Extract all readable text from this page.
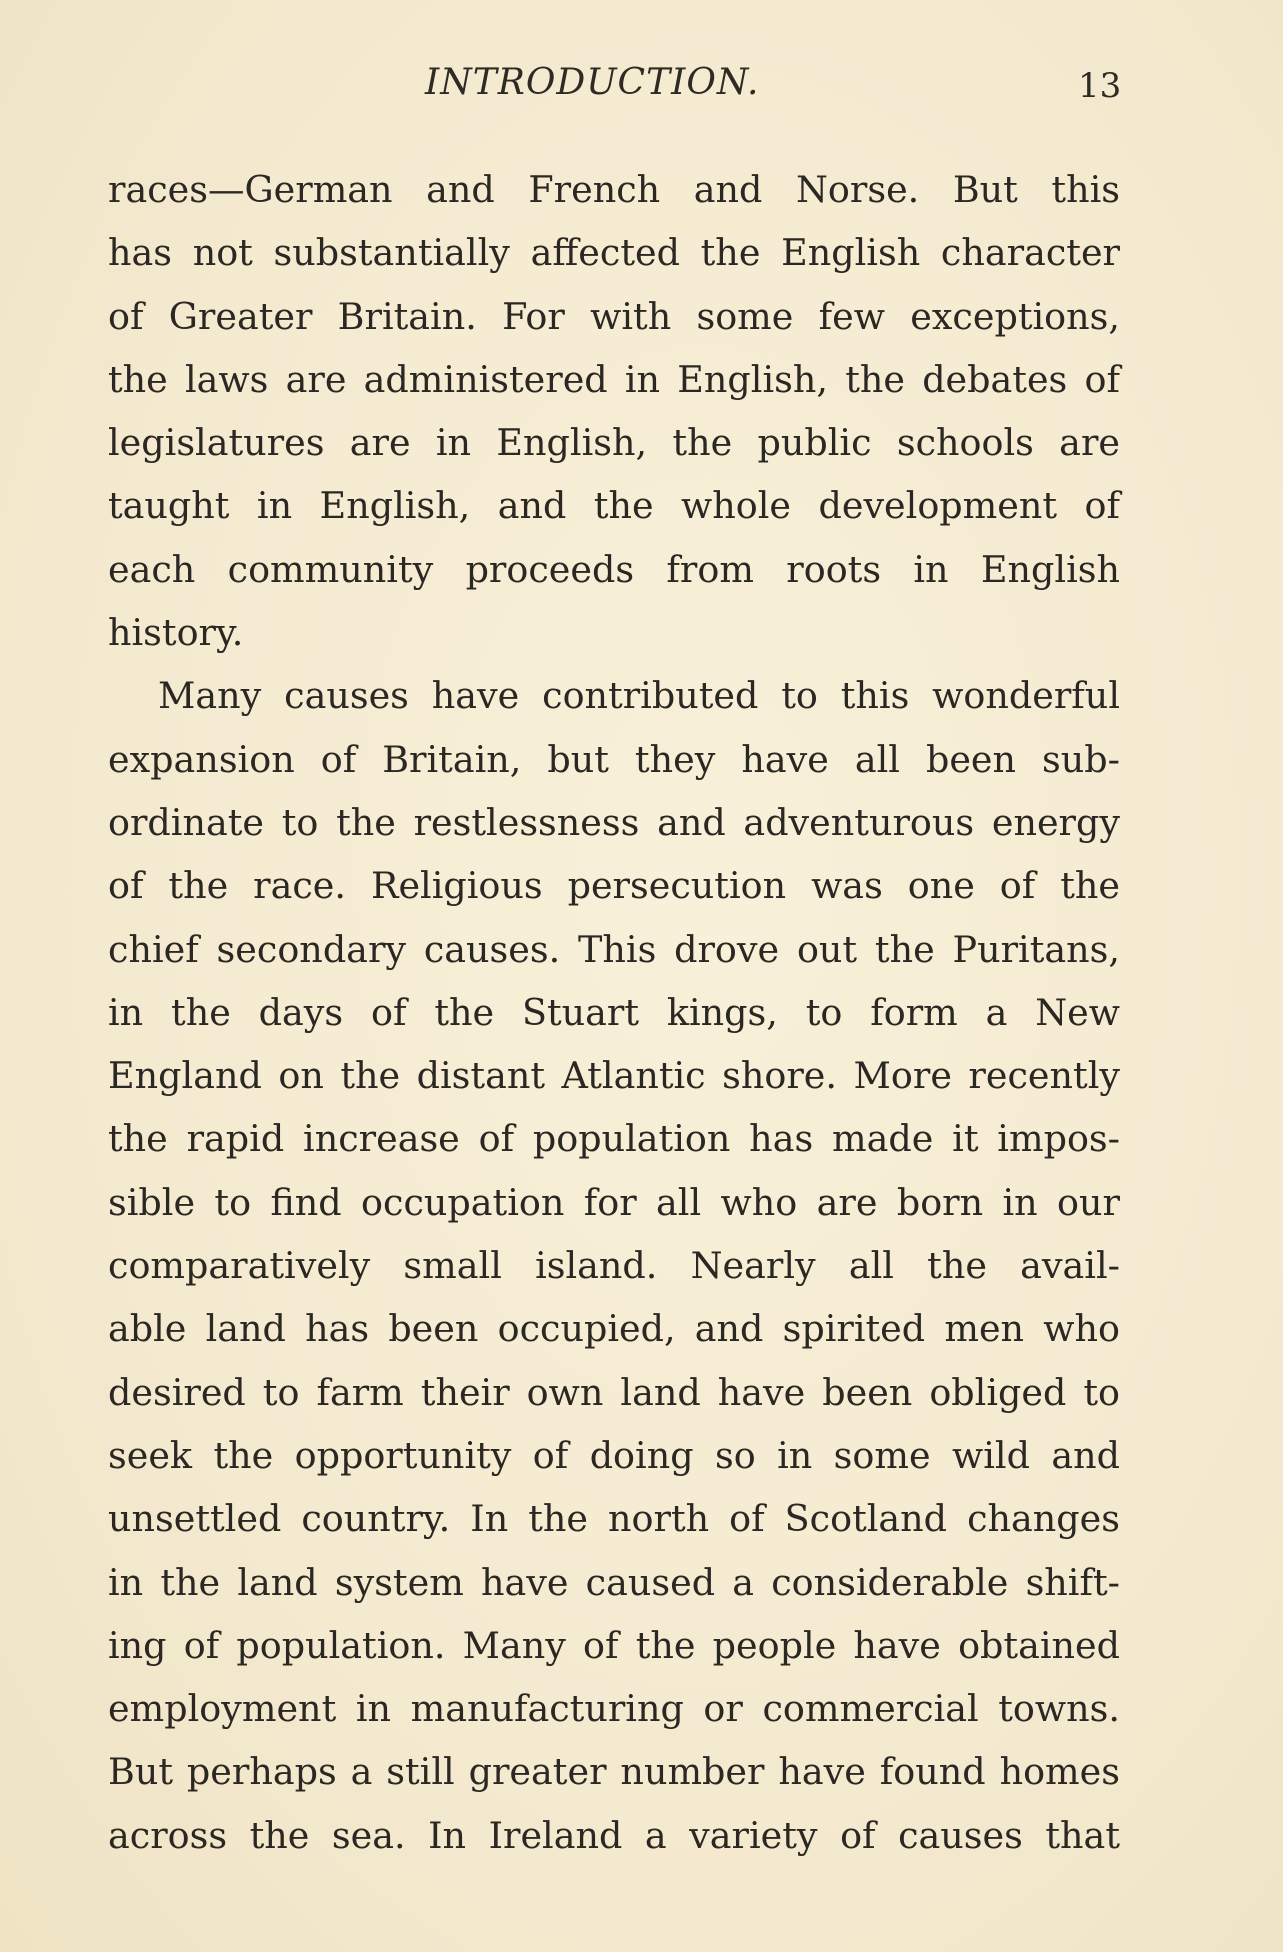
INTRODUCTION.	13
races—German and French and Norse. But this
has not substantially affected the English character
of Greater Britain. For with some few exceptions,
the laws are administered in English, the debates of
legislatures are in English, the public schools are
taught in English, and the whole development of
each community proceeds from roots in English
history.
Many causes have contributed to this wonderful
expansion of Britain, but they have all been sub-
ordinate to the restlessness and adventurous energy
of the race. Religious persecution was one of the
chief secondary causes. This drove out the Puritans,
in the days of the Stuart kings, to form a New
England on the distant Atlantic shore. More recently
the rapid increase of population has made it impos-
sible to find occupation for all who are born in our
comparatively small island. Nearly all the avail-
able land has been occupied, and spirited men who
desired to farm their own land have been obliged to
seek the opportunity of doing so in some wild and
unsettled country. In the north of Scotland changes
in the land system have caused a considerable shift-
ing of population. Many of the people have obtained
employment in manufacturing or commercial towns.
But perhaps a still greater number have found homes
across the sea. In Ireland a variety of causes that
